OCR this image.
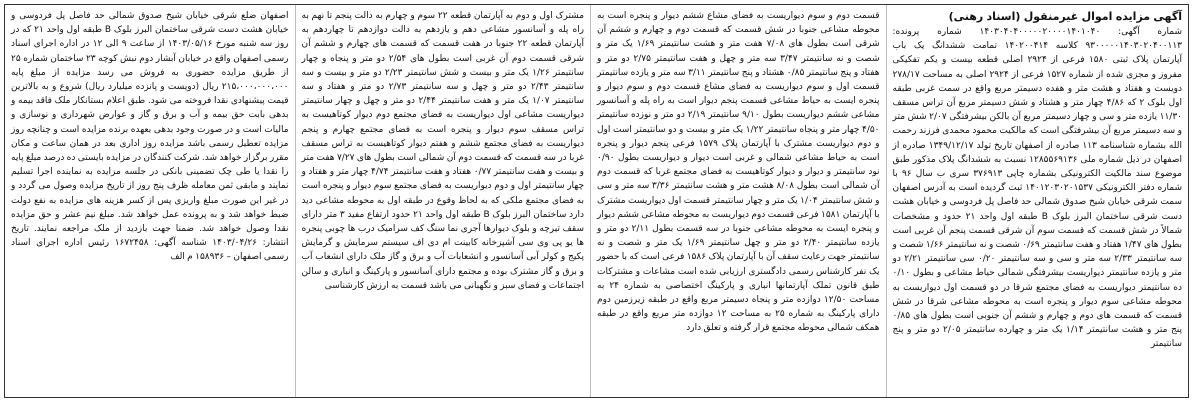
آگهی مزایده اموال غیرمنقول (اسناد رهنی)
شماره آگهی: ۱۴۰۳۰۴۰۴۰۰۰۰۰۲۰۰۰۰۱۴۰۱۰۴۰ شماره پرونده: ۹۳۰۰۰۰۰۱۴۰۳۰۲۰۴۰۰۱۱۳ کلاسه ۱۴۰۲۰۰۴۱۴ تمامت ششدانگ یک باب آپارتمان پلاک ثبتی ۱۵۸۰ فرعی از ۲۹۲۴ اصلی قطعه بیست و یکم تفکیکی مفروز و مجزی شده از شماره ۱۵۲۷ فرعی از ۲۹۲۴ اصلی به مساحت ۲۷۸/۱۷ دویست و هفتاد و هشت متر و هفده دسیمتر مربع واقع در سمت غربی طبقه اول بلوک ۲ که ۴/۸۶ چهار متر و هشتاد و شش دسیمتر مربع آن تراس مسقف ۱۱/۳۰ یازده متر و سی و چهار دسیمتر مربع آن بالکن بیشرفتگی ۲/۰۷ شش متر و سه دسیمتر مربع آن بیشرفتگی است که مالکیت محمود محمدی فرزند رحمت الله بشماره شناسنامه ۱۱۳ صادره از اصفهان تاریخ تولد ۱۳۴۹/۱۲/۱۷ صادره از اصفهان در ذیل شماره ملی ۱۲۸۵۵۶۹۱۳۶ نسبت به ششدانگ پلاک مذکور طبق موضوع سند مالکیت الکترونیکی بشماره چاپی ۳۷۶۹۱۳ سری ب سال ۹۶ با شماره دفتر الکترونیکی ۱۴۰۱۲۰۳۰۲۰۱۵۳۷ ثبت گردیده است به آدرس اصفهان سمت شرقی خیابان شیخ صدوق شمالی حد فاصل پل فردوسی و خیابان هشت دست شرقی ساختمان البرز بلوک B طبقه اول واحد ۲۱ حدود و مشخصات شمالاً در شش قسمت که قسمت سوم آن شرقی قسمت پنجم آن غربی است بطول های ۱/۴۷ هفتاد و هفت سانتیمتر ۰/۶۹ شصت و نه سانتیمتر ۱/۶۶ شصت و سه سانتیمتر ۲/۳۳ سه متر و سی و سه سانتیمتر ۰/۲۰ سی سانتیمتر ۲/۲۱ دو متر و یازده سانتیمتر دیواریست بیشرفتگی شمالی حیاط مشاعی و بطول ۰/۱۰ ده سانتیمتر دیواریست به فضای مجتمع شرقا در دو قسمت اول دیواریست به محوطه مشاعی سوم دیوار و پنجره است به محوطه مشاعی شرقا در شش قسمت که قسمت های دوم و چهارم و ششم آن جنوبی است بطول های ۰/۸۵ پنج متر و هشت سانتیمتر ۱/۱۴ یک متر و چهارده سانتیمتر ۲/۰۵ دو متر و پنج سانتیمتر
قسمت دوم و سوم دیواریست به فضای مشاع ششم دیوار و پنجره است به محوطه مشاعی جنوبا در شش قسمت که قسمت دوم و چهارم و ششم آن شرقی است بطول های ۷/۰۸ هفت متر و هشت سانتیمتر ۱/۶۹ یک متر و شصت و نه سانتیمتر ۳/۴۷ سه متر و چهل و هفت سانتیمتر ۲/۷۵ دو متر و هفتاد و پنج سانتیمتر ۰/۸۵ هشتاد و پنج سانتیمتر ۳/۱۱ سه متر و یازده سانتیمتر قسمت اول و سوم دیواریست به فضای مشاع قسمت دوم و سوم دیوار و پنجره ایست به حیاط مشاعی قسمت پنجم دیوار است به راه پله و آسانسور مشاعی ششم دیواریست بطول ۹/۱۰ سانتیمتر ۲/۱۹ دو متر و نوزده سانتیمتر ۴/۵۰ چهار متر و پنجاه سانتیمتر ۱/۲۲ یک متر و بیست و دو سانتیمتر است اول و دوم دیواریست مشترک با آپارتمان پلاک ۱۵۷۹ فرعی پنجم دیوار و پنجره است به حیاط مشاعی شمالی و غربی است دیوار و دیواریست بطول ۰/۹۰ نود سانتیمتر و دیوار و دیوار کوتاهیست به فضای مجتمع غربا که قسمت دوم آن شمالی است بطول ۸/۰۸ هشت متر و هشت سانتیمتر ۳/۳۶ سه متر و سی و شش سانتیمتر ۱/۰۴ یک متر و چهار سانتیمتر قسمت اول دیواریست مشترک با آپارتمان ۱۵۸۱ فرعی قسمت دوم دیواریست به محوطه مشاعی ششم دیوار و پنجره ایست به محوطه مشاعی جنوبا در سه قسمت بطول ۲/۱۱ دو متر و یازده سانتیمتر ۲/۴۰ دو متر و چهل سانتیمتر ۱/۶۹ یک متر و شصت و نه سانتیمتر جهت رعایت سقف آن با آپارتمان پلاک ۱۵۸۶ فرعی است که با حضور یک نفر کارشناس رسمی دادگستری ارزیابی شده است مشاعات و مشترکات طبق قانون تملک آپارتمانها انباری و پارکینگ اختصاصی به شماره ۲۴ به مساحت ۱۲/۵۰ دوازده متر و پنجاه دسیمتر مربع واقع در طبقه زیرزمین دوم دارای پارکینگ به شماره ۲۵ به مساحت ۱۲ دوازده متر مربع واقع در طبقه همکف شمالی محوطه مجتمع قرار گرفته و تعلق دارد
مشترک اول و دوم به آپارتمان قطعه ۲۲ سوم و چهارم به دالت پنجم تا نهم به راه پله و آسانسور مشاعی دهم و یازدهم به دالت دوازدهم تا چهاردهم به آپارتمان قطعه ۲۲ جنوبا در هفت قسمت که قسمت های چهارم و ششم آن شرقی قسمت دوم آن غربی است بطول های ۲/۵۴ دو متر و پنجاه و چهار سانتیمتر ۱/۲۶ یک متر و بیست و شش سانتیمتر ۲/۲۳ دو متر و بیست و سه سانتیمتر ۲/۴۳ دو متر و چهل و سه سانتیمتر ۲/۷۳ دو متر و هفتاد و سه سانتیمتر ۱/۰۷ یک متر و هفت سانتیمتر ۲/۴۴ دو متر و چهل و چهار سانتیمتر دیواریست مشاعی اول دیواریست به فضای مجتمع دوم دیوار کوتاهیست به تراس مسقف سوم دیوار و پنجره است به فضای مجتمع چهارم و پنجم دیواریست به فضای مجتمع ششم و هفتم دیوار کوتاهیست به تراس مسقف غربا در سه قسمت که قسمت دوم آن شمالی است بطول های ۷/۲۷ هفت متر و بیست و هفت سانتیمتر ۰/۷۷ هفتاد و هفت سانتیمتر ۴/۷۴ چهار متر و هفتاد و چهار سانتیمتر اول و دوم دیواریست به فضای مجتمع سوم دیوار و پنجره است به فضای مجتمع ملکی که به لحاظ وقوع در طبقه اول به محوطه مشاعی دید دارد ساختمان البرز بلوک B طبقه اول واحد ۲۱ حدود ارتفاع مفید ۳ متر دارای سقف تیرچه و بلوک دیوارها آجری نما سنگ کف سرامیک درب ها چوبی پنجره ها یو پی وی سی آشپزخانه کابینت ام دی اف سیستم سرمایش و گرمایش پکیج و کولر آبی آسانسور و انشعابات آب و برق و گاز ملک دارای انشعاب آب و برق و گاز مشترک بوده و مجتمع دارای آسانسور و پارکینگ و انباری و سالن اجتماعات و فضای سبز و نگهبانی می باشد قسمت به ارزش کارشناسی
اصفهان ضلع شرقی خیابان شیخ صدوق شمالی حد فاصل پل فردوسی و خیابان هشت دست شرقی ساختمان البرز بلوک B طبقه اول واحد ۲۱ که در روز سه شنبه مورخ ۱۴۰۳/۰۵/۱۶ از ساعت ۹ الی ۱۲ در اداره اجرای اسناد رسمی اصفهان واقع در خیابان آبشار دوم نبش کوچه ۲۳ ساختمان شماره ۲۵ از طریق مزایده حضوری به فروش می رسد مزایده از مبلغ پایه ۲۱۵،۰۰۰،۰۰۰،۰۰۰ ریال (دویست و پانزده میلیارد ریال) شروع و به بالاترین قیمت پیشنهادی نقدا فروخته می شود. طبق اعلام بستانکار ملک فاقد بیمه و بدهی بابت حق بیمه و آب و برق و گاز و عوارض شهرداری و نوسازی و مالیات است و در صورت وجود بدهی بعهده برنده مزایده است و چنانچه روز مزایده تعطیل رسمی باشد مزایده روز اداری بعد در همان ساعت و مکان مقرر برگزار خواهد شد. شرکت کنندگان در مزایده بایستی ده درصد مبلغ پایه را نقدا یا طی چک تضمینی بانکی در جلسه مزایده به نماینده اجرا تسلیم نمایند و مابقی ثمن معامله ظرف پنج روز از تاریخ مزایده وصول می گردد و در غیر این صورت مبلغ واریزی پس از کسر هزینه های مزایده به نفع دولت ضبط خواهد شد و به پرونده عمل خواهد شد. مبلغ نیم عشر و حق مزایده نقدا وصول خواهد شد. ضمنا جهت بازدید از ملک مراجعه نمایند. تاریخ انتشار: ۱۴۰۳/۰۴/۲۶ شناسه آگهی: ۱۶۷۲۴۵۸ رئیس اداره اجرای اسناد رسمی اصفهان – ۱۵۸۹۳۶ م الف
